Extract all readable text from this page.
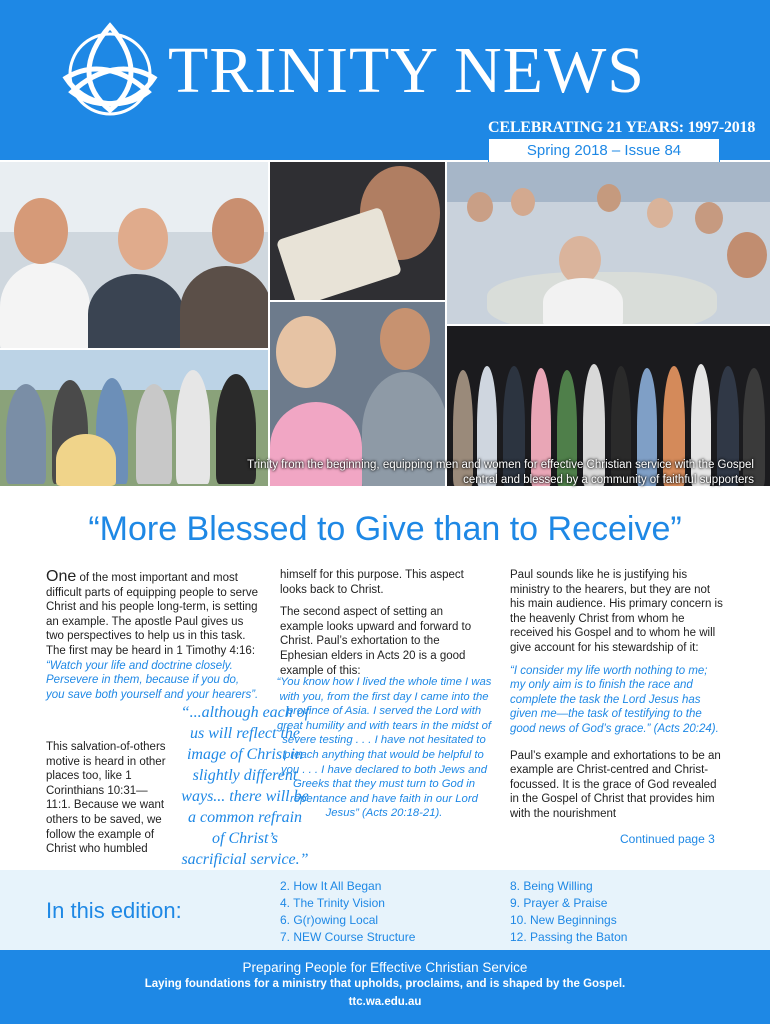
TRINITY NEWS
CELEBRATING 21 YEARS: 1997-2018
Spring 2018 – Issue 84
Trinity from the beginning, equipping men and women for effective Christian service with the Gospel central and blessed by a community of faithful supporters
“More Blessed to Give than to Receive”

One of the most important and most difficult parts of equipping people to serve Christ and his people long-term, is setting an example. The apostle Paul gives us two perspectives to help us in this task. The first may be heard in 1 Timothy 4:16: “Watch your life and doctrine closely. Persevere in them, because if you do, you save both yourself and your hearers”.

This salvation-of-others motive is heard in other places too, like 1 Corinthians 10:31—11:1. Because we want others to be saved, we follow the example of Christ who humbled

“...although each of us will reflect the image of Christ in slightly different ways... there will be a common refrain of Christ’s sacrificial service.”

himself for this purpose. This aspect looks back to Christ.

The second aspect of setting an example looks upward and forward to Christ. Paul’s exhortation to the Ephesian elders in Acts 20 is a good example of this:

“You know how I lived the whole time I was with you, from the first day I came into the province of Asia. I served the Lord with great humility and with tears in the midst of severe testing . . . I have not hesitated to preach anything that would be helpful to you . . . I have declared to both Jews and Greeks that they must turn to God in repentance and have faith in our Lord Jesus” (Acts 20:18-21).

Paul sounds like he is justifying his ministry to the hearers, but they are not his main audience. His primary concern is the heavenly Christ from whom he received his Gospel and to whom he will give account for his stewardship of it:

“I consider my life worth nothing to me; my only aim is to finish the race and complete the task the Lord Jesus has given me—the task of testifying to the good news of God’s grace.” (Acts 20:24).

Paul’s example and exhortations to be an example are Christ-centred and Christ-focussed. It is the grace of God revealed in the Gospel of Christ that provides him with the nourishment

Continued page 3
In this edition:
2. How It All Began
4. The Trinity Vision
6. G(r)owing Local
7. NEW Course Structure
8. Being Willing
9. Prayer & Praise
10. New Beginnings
12. Passing the Baton
Preparing People for Effective Christian Service
Laying foundations for a ministry that upholds, proclaims, and is shaped by the Gospel.
ttc.wa.edu.au
